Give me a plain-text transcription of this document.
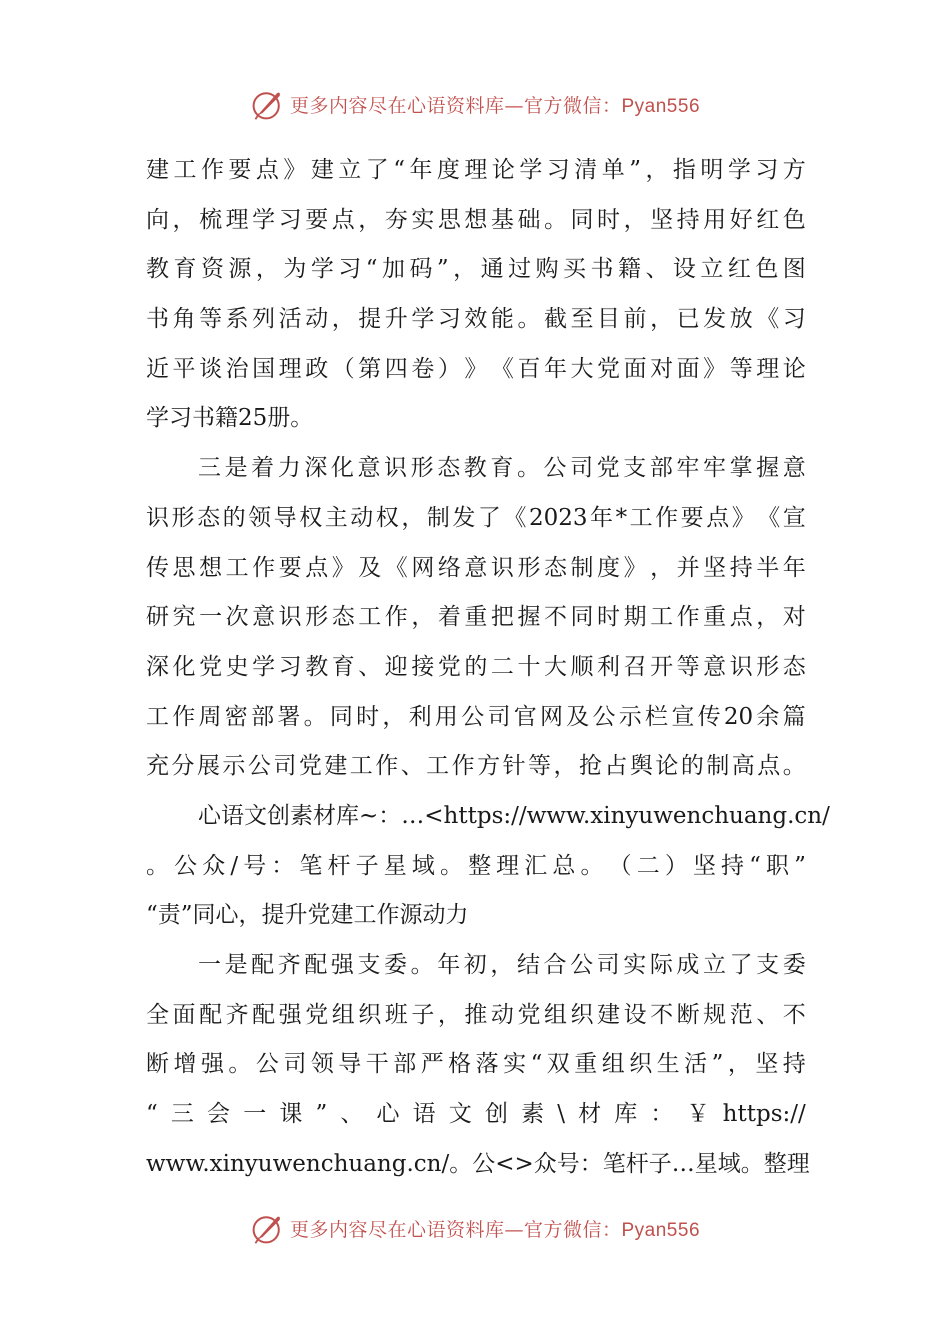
更多内容尽在心语资料库—官方微信：Pyan556
建 工 作 要 点 》 建 立 了 “ 年 度 理 论 学 习 清 单 ” ， 指 明 学 习 方
向 ， 梳 理 学 习 要 点 ， 夯 实 思 想 基 础 。 同 时 ， 坚 持 用 好 红 色
教 育 资 源 ， 为 学 习 “ 加 码 ” ， 通 过 购 买 书 籍 、 设 立 红 色 图
书 角 等 系 列 活 动 ， 提 升 学 习 效 能 。 截 至 目 前 ， 已 发 放 《 习
近 平 谈 治 国 理 政 （ 第 四 卷 ） 》 《 百 年 大 党 面 对 面 》 等 理 论
学习书籍25册。
三 是 着 力 深 化 意 识 形 态 教 育 。 公 司 党 支 部 牢 牢 掌 握 意
识 形 态 的 领 导 权 主 动 权 ， 制 发 了 《 2023 年 * 工 作 要 点 》 《 宣
传 思 想 工 作 要 点 》 及 《 网 络 意 识 形 态 制 度 》 ， 并 坚 持 半 年
研 究 一 次 意 识 形 态 工 作 ， 着 重 把 握 不 同 时 期 工 作 重 点 ， 对
深 化 党 史 学 习 教 育 、 迎 接 党 的 二 十 大 顺 利 召 开 等 意 识 形 态
工 作 周 密 部 署 。 同 时 ， 利 用 公 司 官 网 及 公 示 栏 宣 传 20 余 篇
充 分 展 示 公 司 党 建 工 作 、 工 作 方 针 等 ， 抢 占 舆 论 的 制 高 点 。
心 语 文 创 素 材 库 ~ ： … <https://www.xinyuwenchuang.cn/
。 公 众 / 号 ： 笔 杆 子 星 域 。 整 理 汇 总 。 （ 二 ） 坚 持 “ 职 ”
“责”同心，提升党建工作源动力
一 是 配 齐 配 强 支 委 。 年 初 ， 结 合 公 司 实 际 成 立 了 支 委
全 面 配 齐 配 强 党 组 织 班 子 ， 推 动 党 组 织 建 设 不 断 规 范 、 不
断 增 强 。 公 司 领 导 干 部 严 格 落 实 “ 双 重 组 织 生 活 ” ， 坚 持
“ 三 会 一 课 ” 、 心 语 文 创 素 \ 材 库 ： ￥ https://
www.xinyuwenchuang.cn/ 。 公 <> 众 号 ： 笔 杆 子 … 星 域 。 整 理
更多内容尽在心语资料库—官方微信：Pyan556
